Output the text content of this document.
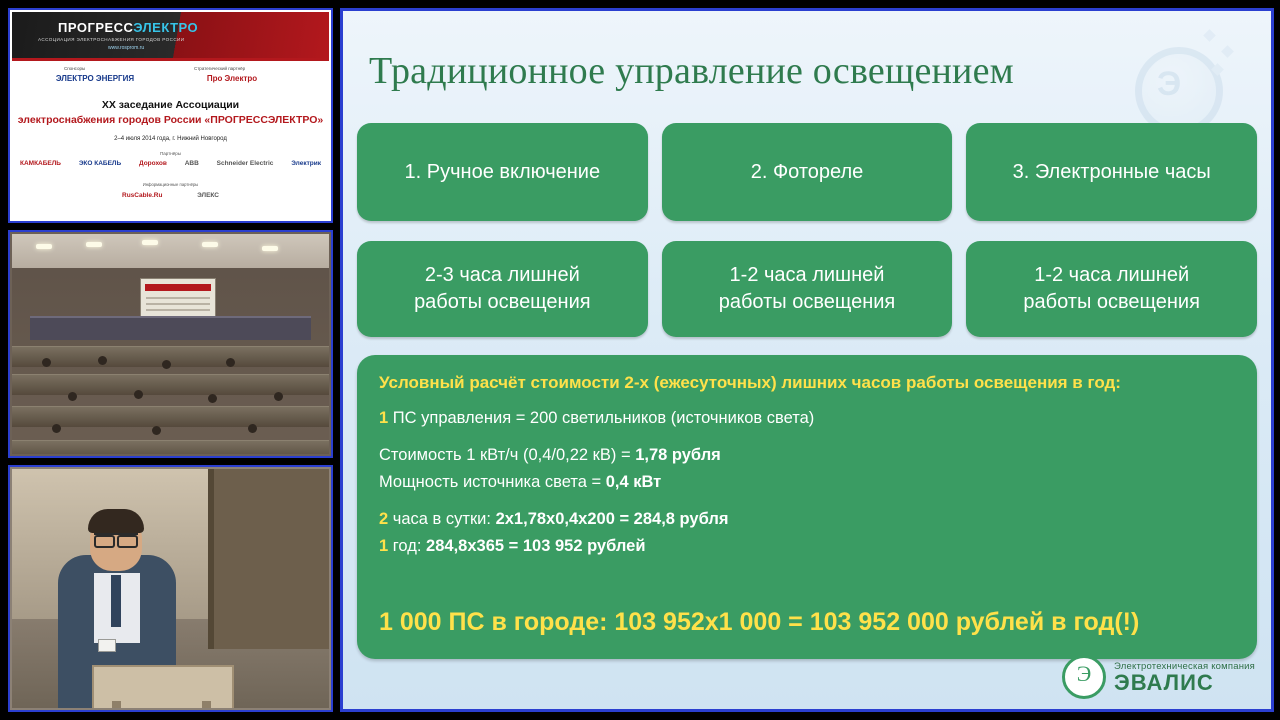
ПРОГРЕССЭЛЕКТРО
АССОЦИАЦИЯ ЭЛЕКТРОСНАБЖЕНИЯ ГОРОДОВ РОССИИ
www.rosprom.ru
Спонсоры	Стратегический партнёр
ЭЛЕКТРО ЭНЕРГИЯ	Про Электро
XX заседание Ассоциации
электроснабжения городов России «ПРОГРЕССЭЛЕКТРО»
2–4 июля 2014 года, г. Нижний Новгород
Партнёры
КАМКАБЕЛЬ	ЭКО КАБЕЛЬ	Дорохов	ABB	Schneider Electric	Электрик
RusCable.Ru	ЭЛЕКС
Информационные партнёры
Э
Традиционное управление освещением
1. Ручное включение	2. Фотореле	3. Электронные часы
2-3 часа лишней
работы освещения
1-2 часа лишней
работы освещения
1-2 часа лишней
работы освещения
Условный расчёт стоимости 2-х (ежесуточных) лишних часов работы освещения в год:
1 ПС управления = 200 светильников (источников света)
Стоимость 1 кВт/ч (0,4/0,22 кВ) = 1,78 рубля
Мощность источника света = 0,4 кВт
2 часа в сутки: 2х1,78х0,4х200 = 284,8 рубля
1 год: 284,8х365 = 103 952 рублей
1 000 ПС в городе: 103 952х1 000 = 103 952 000 рублей в год(!)
Э
Электротехническая компания
ЭВАЛИС
